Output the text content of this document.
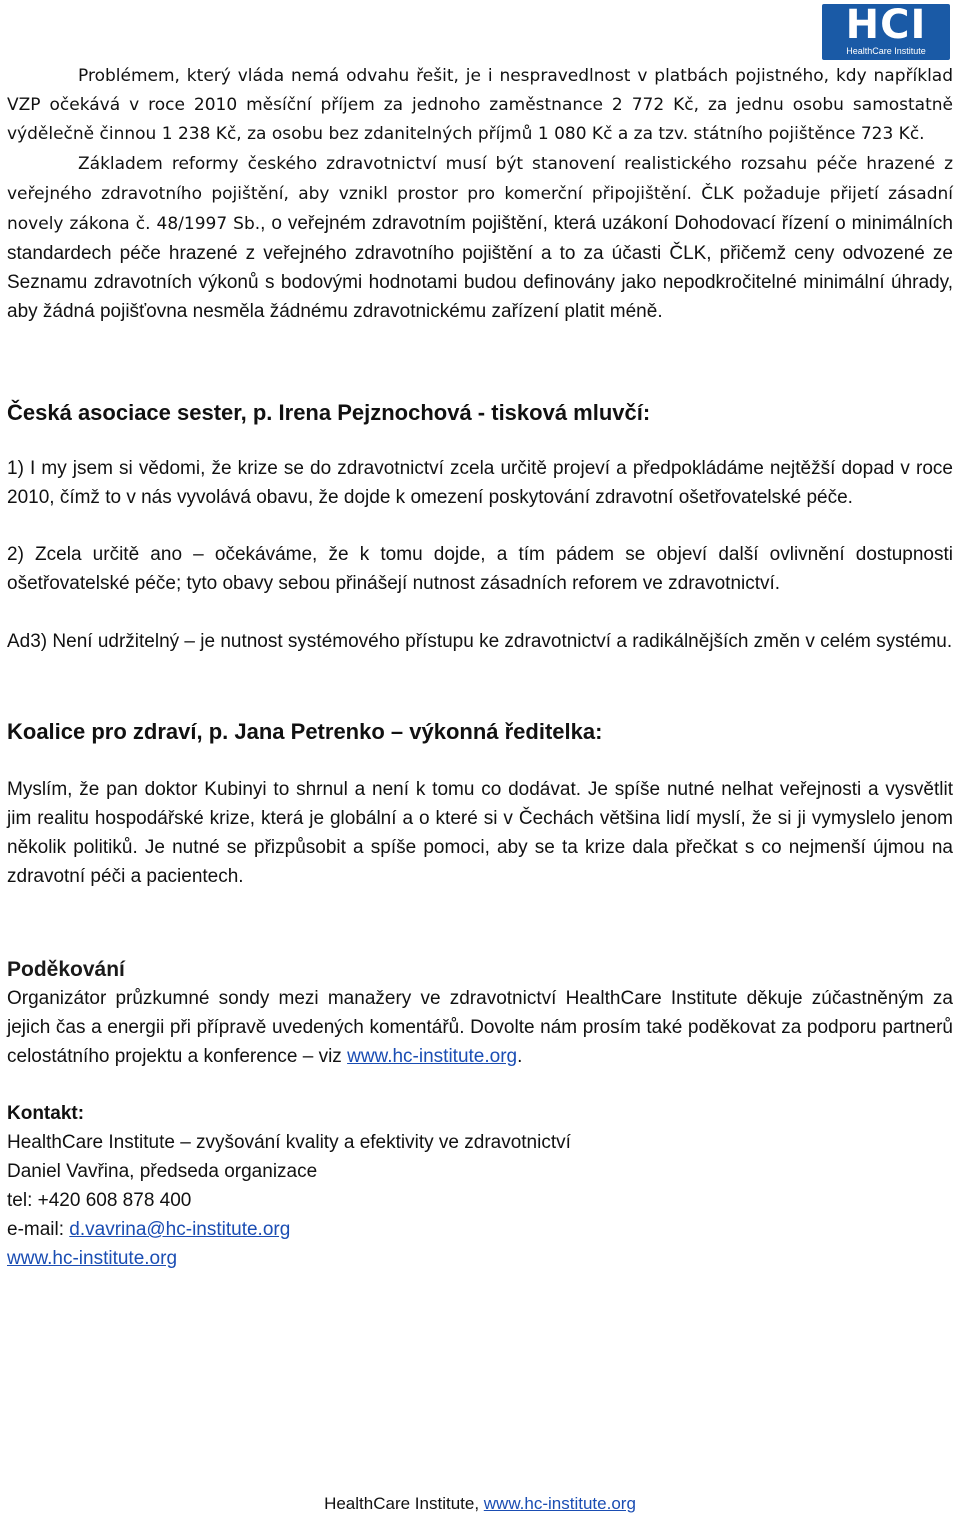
HCI
HealthCare Institute

Problémem, který vláda nemá odvahu řešit, je i nespravedlnost v platbách pojistného, kdy například VZP očekává v roce 2010 měsíční příjem za jednoho zaměstnance 2 772 Kč, za jednu osobu samostatně výdělečně činnou 1 238 Kč, za osobu bez zdanitelných příjmů 1 080 Kč a za tzv. státního pojištěnce 723 Kč.

Základem reformy českého zdravotnictví musí být stanovení realistického rozsahu péče hrazené z veřejného zdravotního pojištění, aby vznikl prostor pro komerční připojištění. ČLK požaduje přijetí zásadní novely zákona č. 48/1997 Sb., o veřejném zdravotním pojištění, která uzákoní Dohodovací řízení o minimálních standardech péče hrazené z veřejného zdravotního pojištění a to za účasti ČLK, přičemž ceny odvozené ze Seznamu zdravotních výkonů s bodovými hodnotami budou definovány jako nepodkročitelné minimální úhrady, aby žádná pojišťovna nesměla žádnému zdravotnickému zařízení platit méně.

Česká asociace sester, p. Irena Pejznochová - tisková mluvčí:

1) I my jsem si vědomi, že krize se do zdravotnictví zcela určitě projeví a předpokládáme nejtěžší dopad v roce 2010, čímž to v nás vyvolává obavu, že dojde k omezení poskytování zdravotní ošetřovatelské péče.

2) Zcela určitě ano – očekáváme, že k tomu dojde, a tím pádem se objeví další ovlivnění dostupnosti ošetřovatelské péče; tyto obavy sebou přinášejí nutnost zásadních reforem ve zdravotnictví.

Ad3) Není udržitelný – je nutnost systémového přístupu ke zdravotnictví a radikálnějších změn v celém systému.

Koalice pro zdraví, p. Jana Petrenko – výkonná ředitelka:

Myslím, že pan doktor Kubinyi to shrnul a není k tomu co dodávat. Je spíše nutné nelhat veřejnosti a vysvětlit jim realitu hospodářské krize, která je globální a o které si v Čechách většina lidí myslí, že si ji vymyslelo jenom několik politiků. Je nutné se přizpůsobit a spíše pomoci, aby se ta krize dala přečkat s co nejmenší újmou na zdravotní péči a pacientech.

Poděkování

Organizátor průzkumné sondy mezi manažery ve zdravotnictví HealthCare Institute děkuje zúčastněným za jejich čas a energii při přípravě uvedených komentářů. Dovolte nám prosím také poděkovat za podporu partnerů celostátního projektu a konference – viz www.hc-institute.org.

Kontakt:

HealthCare Institute – zvyšování kvality a efektivity ve zdravotnictví

Daniel Vavřina, předseda organizace

tel: +420 608 878 400

e-mail: d.vavrina@hc-institute.org

www.hc-institute.org

HealthCare Institute, www.hc-institute.org
